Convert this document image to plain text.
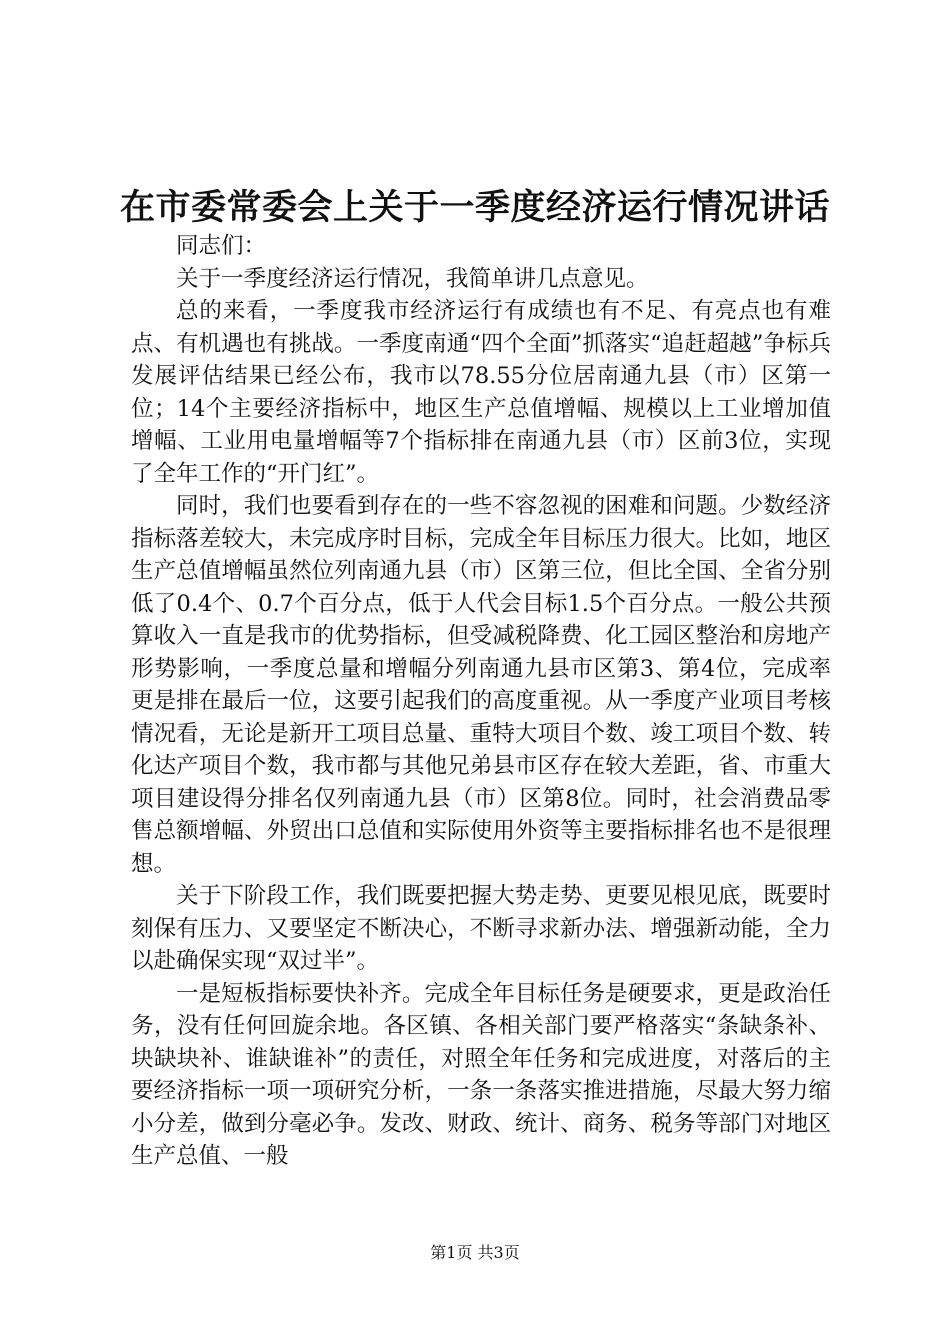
在市委常委会上关于一季度经济运行情况讲话

同志们：

关于一季度经济运行情况，我简单讲几点意见。

总的来看，一季度我市经济运行有成绩也有不足、有亮点也有难点、有机遇也有挑战。一季度南通“四个全面”抓落实“追赶超越”争标兵发展评估结果已经公布，我市以78.55分位居南通九县（市）区第一位；14个主要经济指标中，地区生产总值增幅、规模以上工业增加值增幅、工业用电量增幅等7个指标排在南通九县（市）区前3位，实现了全年工作的“开门红”。

同时，我们也要看到存在的一些不容忽视的困难和问题。少数经济指标落差较大，未完成序时目标，完成全年目标压力很大。比如，地区生产总值增幅虽然位列南通九县（市）区第三位，但比全国、全省分别低了0.4个、0.7个百分点，低于人代会目标1.5个百分点。一般公共预算收入一直是我市的优势指标，但受减税降费、化工园区整治和房地产形势影响，一季度总量和增幅分列南通九县市区第3、第4位，完成率更是排在最后一位，这要引起我们的高度重视。从一季度产业项目考核情况看，无论是新开工项目总量、重特大项目个数、竣工项目个数、转化达产项目个数，我市都与其他兄弟县市区存在较大差距，省、市重大项目建设得分排名仅列南通九县（市）区第8位。同时，社会消费品零售总额增幅、外贸出口总值和实际使用外资等主要指标排名也不是很理想。

关于下阶段工作，我们既要把握大势走势、更要见根见底，既要时刻保有压力、又要坚定不断决心，不断寻求新办法、增强新动能，全力以赴确保实现“双过半”。

一是短板指标要快补齐。完成全年目标任务是硬要求，更是政治任务，没有任何回旋余地。各区镇、各相关部门要严格落实“条缺条补、块缺块补、谁缺谁补”的责任，对照全年任务和完成进度，对落后的主要经济指标一项一项研究分析，一条一条落实推进措施，尽最大努力缩小分差，做到分毫必争。发改、财政、统计、商务、税务等部门对地区生产总值、一般

第1页 共3页
